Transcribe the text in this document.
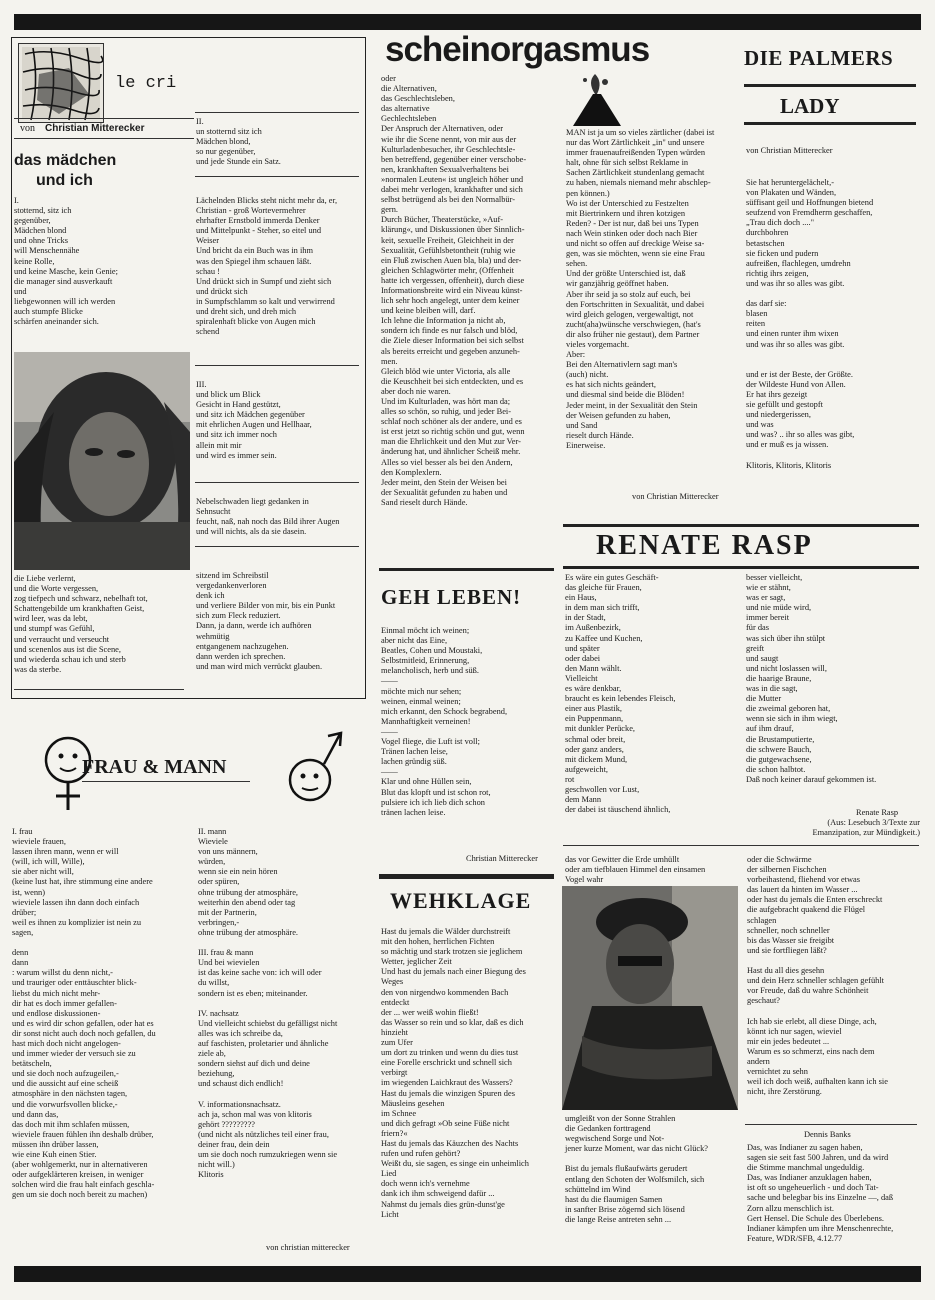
le cri
von Christian Mitterecker
das mädchen
und ich
I.
stotternd, sitz ich
gegenüber,
Mädchen blond
und ohne Tricks
will Menschennähe
keine Rolle,
und keine Masche, kein Genie;
die manager sind ausverkauft
und
liebgewonnen will ich werden
auch stumpfe Blicke
schärfen aneinander sich.
die Liebe verlernt,
und die Worte vergessen,
zog tiefpech und schwarz, nebelhaft tot,
Schattengebilde um krankhaften Geist,
wird leer, was da lebt,
und stumpf was Gefühl,
und verraucht und verseucht
und scenenlos aus ist die Scene,
und wiederda schau ich und sterb
was da sterbe.
II.
un stotternd sitz ich
Mädchen blond,
so nur gegenüber,
und jede Stunde ein Satz.
Lächelnden Blicks steht nicht mehr da, er,
Christian - groß Wortevermehrer
ehrhafter Ernstbold immerda Denker
und Mittelpunkt - Steher, so eitel und
Weiser
Und bricht da ein Buch was in ihm
was den Spiegel ihm schauen läßt.
schau !
Und drückt sich in Sumpf und zieht sich
und drückt sich
in Sumpfschlamm so kalt und verwirrend
und dreht sich, und dreh mich
spiralenhaft blicke von Augen mich
schend
III.
und blick um Blick
Gesicht in Hand gestützt,
und sitz ich Mädchen gegenüber
mit ehrlichen Augen und Hellhaar,
und sitz ich immer noch
allein mit mir
und wird es immer sein.
Nebelschwaden liegt gedanken in
Sehnsucht
feucht, naß, nah noch das Bild ihrer Augen
und will nichts, als da sie dasein.
sitzend im Schreibstil
vergedankenverloren
denk ich
und verliere Bilder von mir, bis ein Punkt
sich zum Fleck reduziert.
Dann, ja dann, werde ich aufhören
wehmütig
entgangenem nachzugehen.
dann werden ich sprechen.
und man wird mich verrückt glauben.
scheinorgasmus
oder
die Alternativen,
das Geschlechtsleben,
das alternative
Gechlechtsleben
Der Anspruch der Alternativen, oder
wie ihr die Scene nennt, von mir aus der
Kulturladenbesucher, ihr Geschlechtsle-
ben betreffend, gegenüber einer verschobe-
nen, krankhaften Sexualverhaltens bei
»normalen Leuten« ist ungleich höher und
dabei mehr verlogen, krankhafter und sich
selbst betrügend als bei den Normalbür-
gern.
Durch Bücher, Theaterstücke, »Auf-
klärung«, und Diskussionen über Sinnlich-
keit, sexuelle Freiheit, Gleichheit in der
Sexualität, Gefühlsbetontheit (ruhig wie
ein Fluß zwischen Auen bla, bla) und der-
gleichen Schlagwörter mehr, (Offenheit
hatte ich vergessen, offenheit), durch diese
Informationsbreite wird ein Niveau künst-
lich sehr hoch angelegt, unter dem keiner
und keine bleiben will, darf.
Ich lehne die Information ja nicht ab,
sondern ich finde es nur falsch und blöd,
die Ziele dieser Information bei sich selbst
als bereits erreicht und gegeben anzuneh-
men.
Gleich blöd wie unter Victoria, als alle
die Keuschheit bei sich entdeckten, und es
aber doch nie waren.
Und im Kulturladen, was hört man da;
alles so schön, so ruhig, und jeder Bei-
schlaf noch schöner als der andere, und es
ist erst jetzt so richtig schön und gut, wenn
man die Ehrlichkeit und den Mut zur Ver-
änderung hat, und ähnlicher Scheiß mehr.
Alles so viel besser als bei den Andern,
den Komplexlern.
Jeder meint, den Stein der Weisen bei
der Sexualität gefunden zu haben und
Sand rieselt durch Hände.
MAN ist ja um so vieles zärtlicher (dabei ist
nur das Wort Zärtlichkeit „in" und unsere
immer frauenaufreißenden Typen würden
halt, ohne für sich selbst Reklame in
Sachen Zärtlichkeit stundenlang gemacht
zu haben, niemals niemand mehr abschlep-
pen können.)
Wo ist der Unterschied zu Festzelten
mit Biertrinkern und ihren kotzigen
Reden? - Der ist nur, daß bei uns Typen
nach Wein stinken oder doch nach Bier
und nicht so offen auf dreckige Weise sa-
gen, was sie möchten, wenn sie eine Frau
sehen.
Und der größte Unterschied ist, daß
wir ganzjährig geöffnet haben.
Aber ihr seid ja so stolz auf euch, bei
den Fortschritten in Sexualität, und dabei
wird gleich gelogen, vergewaltigt, not
zucht(aha)wünsche verschwiegen, (hat's
dir also früher nie gestaut), dem Partner
vieles vorgemacht.
Aber:
Bei den Alternativlern sagt man's
(auch) nicht.
es hat sich nichts geändert,
und diesmal sind beide die Blöden!
Jeder meint, in der Sexualität den Stein
der Weisen gefunden zu haben,
und Sand
rieselt durch Hände.
Einerweise.
von Christian Mitterecker
DIE PALMERS
LADY
von Christian Mitterecker
Sie hat heruntergelächelt,-
von Plakaten und Wänden,
süffisant geil und Hoffnungen bietend
seufzend von Fremdherrn geschaffen,
„Trau dich doch ...."
durchbohren
betastschen
sie ficken und pudern
aufreißen, flachlegen, umdrehn
richtig ihrs zeigen,
und was ihr so alles was gibt.

das darf sie:
blasen
reiten
und einen runter ihm wixen
und was ihr so alles was gibt.

und er ist der Beste, der Größte.
der Wildeste Hund von Allen.
Er hat ihrs gezeigt
sie gefüllt und gestopft
und niedergerissen,
und was
und was? .. ihr so alles was gibt,
und er muß es ja wissen.

Klitoris, Klitoris, Klitoris
RENATE RASP
Es wäre ein gutes Geschäft-
das gleiche für Frauen,
ein Haus,
in dem man sich trifft,
in der Stadt,
im Außenbezirk,
zu Kaffee und Kuchen,
und später
oder dabei
den Mann wählt.
Vielleicht
es wäre denkbar,
braucht es kein lebendes Fleisch,
einer aus Plastik,
ein Puppenmann,
mit dunkler Perücke,
schmal oder breit,
oder ganz anders,
mit dickem Mund,
aufgeweicht,
rot
geschwollen vor Lust,
dem Mann
der dabei ist täuschend ähnlich,
besser vielleicht,
wie er stähnt,
was er sagt,
und nie müde wird,
immer bereit
für das
was sich über ihn stülpt
greift
und saugt
und nicht loslassen will,
die haarige Braune,
was in die sagt,
die Mutter
die zweimal geboren hat,
wenn sie sich in ihm wiegt,
auf ihm drauf,
die Brustamputierte,
die schwere Bauch,
die gutgewachsene,
die schon halbtot.
Daß noch keiner darauf gekommen ist.
Renate Rasp
(Aus: Lesebuch 3/Texte zur
Emanzipation, zur Mündigkeit.)
GEH LEBEN!
Einmal möcht ich weinen;
aber nicht das Eine,
Beatles, Cohen und Moustaki,
Selbstmitleid, Erinnerung,
melancholisch, herb und süß.
——
möchte mich nur sehen;
weinen, einmal weinen;
mich erkannt, den Schock begrabend,
Mannhaftigkeit verneinen!
——
Vogel fliege, die Luft ist voll;
Tränen lachen leise,
lachen gründig süß.
——
Klar und ohne Hüllen sein,
Blut das klopft und ist schon rot,
pulsiere ich ich lieb dich schon
tränen lachen leise.
Christian Mitterecker
FRAU & MANN
I. frau
wieviele frauen,
lassen ihren mann, wenn er will
(will, ich will, Wille),
sie aber nicht will,
(keine lust hat, ihre stimmung eine andere
ist, wenn)
wieviele lassen ihn dann doch einfach
drüber;
weil es ihnen zu komplizier ist nein zu
sagen,

denn
dann
: warum willst du denn nicht,-
und trauriger oder enttäuschter blick-
liebst du mich nicht mehr-
dir hat es doch immer gefallen-
und endlose diskussionen-
und es wird dir schon gefallen, oder hat es
dir sonst nicht auch doch noch gefallen, du
hast mich doch nicht angelogen-
und immer wieder der versuch sie zu
betätscheln,
und sie doch noch aufzugeilen,-
und die aussicht auf eine scheiß
atmosphäre in den nächsten tagen,
und die vorwurfsvollen blicke,-
und dann das,
das doch mit ihm schlafen müssen,
wieviele frauen fühlen ihn deshalb drüber,
müssen ihn drüber lassen,
wie eine Kuh einen Stier.
(aber wohlgemerkt, nur in alternativeren
oder aufgeklärteren kreisen, in weniger
solchen wird die frau halt einfach geschla-
gen um sie doch noch bereit zu machen)
II. mann
Wieviele
von uns männern,
würden,
wenn sie ein nein hören
oder spüren,
ohne trübung der atmosphäre,
weiterhin den abend oder tag
mit der Partnerin,
verbringen,-
ohne trübung der atmosphäre.

III. frau & mann
Und bei wievielen
ist das keine sache von: ich will oder
du willst,
sondern ist es eben; miteinander.

IV. nachsatz
Und vielleicht schiebst du gefälligst nicht
alles was ich schreibe da,
auf faschisten, proletarier und ähnliche
ziele ab,
sondern siehst auf dich und deine
beziehung,
und schaust dich endlich!

V. informationsnachsatz.
ach ja, schon mal was von klitoris
gehört ?????????
(und nicht als nützliches teil einer frau,
deiner frau, dein dein
um sie doch noch rumzukriegen wenn sie
nicht will.)
Klitoris
von christian mitterecker
WEHKLAGE
Hast du jemals die Wälder durchstreift
mit den hohen, herrlichen Fichten
so mächtig und stark trotzen sie jeglichem
Wetter, jeglicher Zeit
Und hast du jemals nach einer Biegung des
Weges
den von nirgendwo kommenden Bach
entdeckt
der ... wer weiß wohin fließt!
das Wasser so rein und so klar, daß es dich
hinzieht
zum Ufer
um dort zu trinken und wenn du dies tust
eine Forelle erschrickt und schnell sich
verbirgt
im wiegenden Laichkraut des Wassers?
Hast du jemals die winzigen Spuren des
Mäusleins gesehen
im Schnee
und dich gefragt »Ob seine Füße nicht
friern?«
Hast du jemals das Käuzchen des Nachts
rufen und rufen gehört?
Weißt du, sie sagen, es singe ein unheimlich
Lied
doch wenn ich's vernehme
dank ich ihm schweigend dafür ...
Nahmst du jemals dies grün-dunst'ge
Licht
das vor Gewitter die Erde umhüllt
oder am tiefblauen Himmel den einsamen
Vogel wahr
umgleißt von der Sonne Strahlen
die Gedanken forttragend
wegwischend Sorge und Not-
jener kurze Moment, war das nicht Glück?

Bist du jemals flußaufwärts gerudert
entlang den Schoten der Wolfsmilch, sich
schüttelnd im Wind
hast du die flaumigen Samen
in sanfter Brise zögernd sich lösend
die lange Reise antreten sehn ...
oder die Schwärme
der silbernen Fischchen
vorbeihastend, fliehend vor etwas
das lauert da hinten im Wasser ...
oder hast du jemals die Enten erschreckt
die aufgebracht quakend die Flügel
schlagen
schneller, noch schneller
bis das Wasser sie freigibt
und sie fortfliegen läßt?

Hast du all dies gesehn
und dein Herz schneller schlagen gefühlt
vor Freude, daß du wahre Schönheit
geschaut?

Ich hab sie erlebt, all diese Dinge, ach,
könnt ich nur sagen, wieviel
mir ein jedes bedeutet ...
Warum es so schmerzt, eins nach dem
andern
vernichtet zu sehn
weil ich doch weiß, aufhalten kann ich sie
nicht, ihre Zerstörung.
Dennis Banks
Das, was Indianer zu sagen haben,
sagen sie seit fast 500 Jahren, und da wird
die Stimme manchmal ungeduldig.
Das, was Indianer anzuklagen haben,
ist oft so ungeheuerlich - und doch Tat-
sache und belegbar bis ins Einzelne —, daß
Zorn allzu menschlich ist.
Gert Hensel. Die Schule des Überlebens.
Indianer kämpfen um ihre Menschenrechte,
Feature, WDR/SFB, 4.12.77
